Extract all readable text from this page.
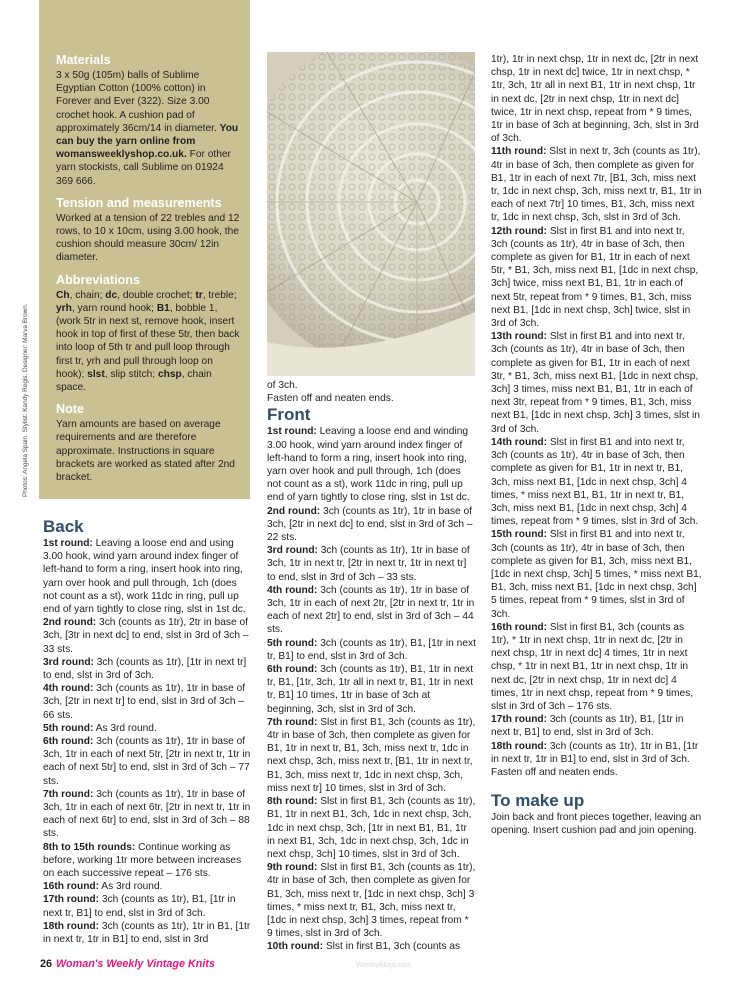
Materials

3 x 50g (105m) balls of Sublime Egyptian Cotton (100% cotton) in Forever and Ever (322). Size 3.00 crochet hook. A cushion pad of approximately 36cm/14 in diameter. You can buy the yarn online from womansweeklyshop.co.uk. For other yarn stockists, call Sublime on 01924 369 666.

Tension and measurements

Worked at a tension of 22 trebles and 12 rows, to 10 x 10cm, using 3.00 hook, the cushion should measure 30cm/ 12in diameter.

Abbreviations

Ch, chain; dc, double crochet; tr, treble; yrh, yarn round hook; B1, bobble 1, (work 5tr in next st, remove hook, insert hook in top of first of these 5tr, then back into loop of 5th tr and pull loop through first tr, yrh and pull through loop on hook); slst, slip stitch; chsp, chain space.

Note

Yarn amounts are based on average requirements and are therefore approximate. Instructions in square brackets are worked as stated after 2nd bracket.

Photos: Angela Spain. Stylist: Kandy Regis. Designer: Marva Brown.

Back

1st round: Leaving a loose end and using 3.00 hook, wind yarn around index finger of left-hand to form a ring, insert hook into ring, yarn over hook and pull through, 1ch (does not count as a st), work 11dc in ring, pull up end of yarn tightly to close ring, slst in 1st dc.

2nd round: 3ch (counts as 1tr), 2tr in base of 3ch, [3tr in next dc] to end, slst in 3rd of 3ch – 33 sts.

3rd round: 3ch (counts as 1tr), [1tr in next tr] to end, slst in 3rd of 3ch.

4th round: 3ch (counts as 1tr), 1tr in base of 3ch, [2tr in next tr] to end, slst in 3rd of 3ch – 66 sts.

5th round: As 3rd round.

6th round: 3ch (counts as 1tr), 1tr in base of 3ch, 1tr in each of next 5tr, [2tr in next tr, 1tr in each of next 5tr] to end, slst in 3rd of 3ch – 77 sts.

7th round: 3ch (counts as 1tr), 1tr in base of 3ch, 1tr in each of next 6tr, [2tr in next tr, 1tr in each of next 6tr] to end, slst in 3rd of 3ch – 88 sts.

8th to 15th rounds: Continue working as before, working 1tr more between increases on each successive repeat – 176 sts.

16th round: As 3rd round.

17th round: 3ch (counts as 1tr), B1, [1tr in next tr, B1] to end, slst in 3rd of 3ch.

18th round: 3ch (counts as 1tr), 1tr in B1, [1tr in next tr, 1tr in B1] to end, slst in 3rd

of 3ch.

Fasten off and neaten ends.

Front

1st round: Leaving a loose end and winding 3.00 hook, wind yarn around index finger of left-hand to form a ring, insert hook into ring, yarn over hook and pull through, 1ch (does not count as a st), work 11dc in ring, pull up end of yarn tightly to close ring, slst in 1st dc.

2nd round: 3ch (counts as 1tr), 1tr in base of 3ch, [2tr in next dc] to end, slst in 3rd of 3ch – 22 sts.

3rd round: 3ch (counts as 1tr), 1tr in base of 3ch, 1tr in next tr, [2tr in next tr, 1tr in next tr] to end, slst in 3rd of 3ch – 33 sts.

4th round: 3ch (counts as 1tr), 1tr in base of 3ch, 1tr in each of next 2tr, [2tr in next tr, 1tr in each of next 2tr] to end, slst in 3rd of 3ch – 44 sts.

5th round: 3ch (counts as 1tr), B1, [1tr in next tr, B1] to end, slst in 3rd of 3ch.

6th round: 3ch (counts as 1tr), B1, 1tr in next tr, B1, [1tr, 3ch, 1tr all in next tr, B1, 1tr in next tr, B1] 10 times, 1tr in base of 3ch at beginning, 3ch, slst in 3rd of 3ch.

7th round: Slst in first B1, 3ch (counts as 1tr), 4tr in base of 3ch, then complete as given for B1, 1tr in next tr, B1, 3ch, miss next tr, 1dc in next chsp, 3ch, miss next tr, [B1, 1tr in next tr, B1, 3ch, miss next tr, 1dc in next chsp, 3ch, miss next tr] 10 times, slst in 3rd of 3ch.

8th round: Slst in first B1, 3ch (counts as 1tr), B1, 1tr in next B1, 3ch, 1dc in next chsp, 3ch, 1dc in next chsp, 3ch, [1tr in next B1, B1, 1tr in next B1, 3ch, 1dc in next chsp, 3ch, 1dc in next chsp, 3ch] 10 times, slst in 3rd of 3ch.

9th round: Slst in first B1, 3ch (counts as 1tr), 4tr in base of 3ch, then complete as given for B1, 3ch, miss next tr, [1dc in next chsp, 3ch] 3 times, * miss next tr, B1, 3ch, miss next tr, [1dc in next chsp, 3ch] 3 times, repeat from * 9 times, slst in 3rd of 3ch.

10th round: Slst in first B1, 3ch (counts as

1tr), 1tr in next chsp, 1tr in next dc, [2tr in next chsp, 1tr in next dc] twice, 1tr in next chsp, * 1tr, 3ch, 1tr all in next B1, 1tr in next chsp, 1tr in next dc, [2tr in next chsp, 1tr in next dc] twice, 1tr in next chsp, repeat from * 9 times, 1tr in base of 3ch at beginning, 3ch, slst in 3rd of 3ch.

11th round: Slst in next tr, 3ch (counts as 1tr), 4tr in base of 3ch, then complete as given for B1, 1tr in each of next 7tr, [B1, 3ch, miss next tr, 1dc in next chsp, 3ch, miss next tr, B1, 1tr in each of next 7tr] 10 times, B1, 3ch, miss next tr, 1dc in next chsp, 3ch, slst in 3rd of 3ch.

12th round: Slst in first B1 and into next tr, 3ch (counts as 1tr), 4tr in base of 3ch, then complete as given for B1, 1tr in each of next 5tr, * B1, 3ch, miss next B1, [1dc in next chsp, 3ch] twice, miss next B1, B1, 1tr in each of next 5tr, repeat from * 9 times, B1, 3ch, miss next B1, [1dc in next chsp, 3ch] twice, slst in 3rd of 3ch.

13th round: Slst in first B1 and into next tr, 3ch (counts as 1tr), 4tr in base of 3ch, then complete as given for B1, 1tr in each of next 3tr, * B1, 3ch, miss next B1, [1dc in next chsp, 3ch] 3 times, miss next B1, B1, 1tr in each of next 3tr, repeat from * 9 times, B1, 3ch, miss next B1, [1dc in next chsp, 3ch] 3 times, slst in 3rd of 3ch.

14th round: Slst in first B1 and into next tr, 3ch (counts as 1tr), 4tr in base of 3ch, then complete as given for B1, 1tr in next tr, B1, 3ch, miss next B1, [1dc in next chsp, 3ch] 4 times, * miss next B1, B1, 1tr in next tr, B1, 3ch, miss next B1, [1dc in next chsp, 3ch] 4 times, repeat from * 9 times, slst in 3rd of 3ch.

15th round: Slst in first B1 and into next tr, 3ch (counts as 1tr), 4tr in base of 3ch, then complete as given for B1, 3ch, miss next B1, [1dc in next chsp, 3ch] 5 times, * miss next B1, B1, 3ch, miss next B1, [1dc in next chsp, 3ch] 5 times, repeat from * 9 times, slst in 3rd of 3ch.

16th round: Slst in first B1, 3ch (counts as 1tr), * 1tr in next chsp, 1tr in next dc, [2tr in next chsp, 1tr in next dc] 4 times, 1tr in next chsp, * 1tr in next B1, 1tr in next chsp, 1tr in next dc, [2tr in next chsp, 1tr in next dc] 4 times, 1tr in next chsp, repeat from * 9 times, slst in 3rd of 3ch – 176 sts.

17th round: 3ch (counts as 1tr), B1, [1tr in next tr, B1] to end, slst in 3rd of 3ch.

18th round: 3ch (counts as 1tr), 1tr in B1, [1tr in next tr, 1tr in B1] to end, slst in 3rd of 3ch. Fasten off and neaten ends.

To make up

Join back and front pieces together, leaving an opening. Insert cushion pad and join opening.

26 Woman's Weekly Vintage Knits	WeeklyBlogs.com
